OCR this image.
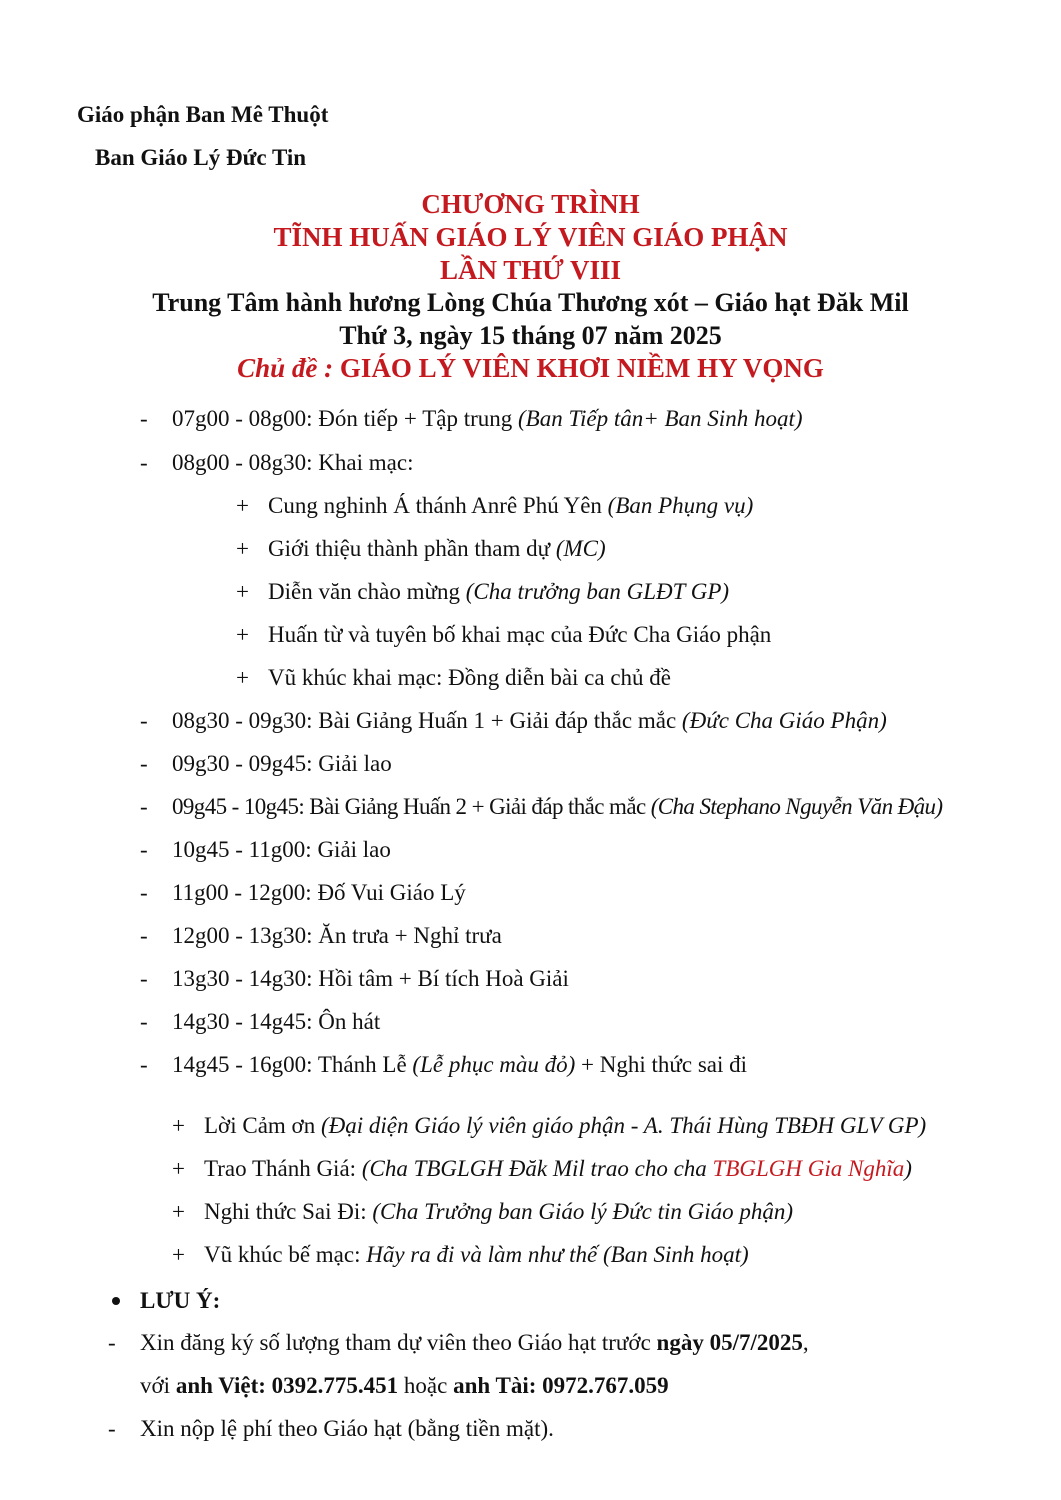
Giáo phận Ban Mê Thuột
Ban Giáo Lý Đức Tin
CHƯƠNG TRÌNH
TĨNH HUẤN GIÁO LÝ VIÊN GIÁO PHẬN
LẦN THỨ VIII
Trung Tâm hành hương Lòng Chúa Thương xót – Giáo hạt Đăk Mil
Thứ 3, ngày 15 tháng 07 năm 2025
Chủ đề : GIÁO LÝ VIÊN KHƠI NIỀM HY VỌNG
- 07g00 - 08g00: Đón tiếp + Tập trung (Ban Tiếp tân+ Ban Sinh hoạt)
- 08g00 - 08g30: Khai mạc:
+ Cung nghinh Á thánh Anrê Phú Yên (Ban Phụng vụ)
+ Giới thiệu thành phần tham dự (MC)
+ Diễn văn chào mừng (Cha trưởng ban GLĐT GP)
+ Huấn từ và tuyên bố khai mạc của Đức Cha Giáo phận
+ Vũ khúc khai mạc: Đồng diễn bài ca chủ đề
- 08g30 - 09g30: Bài Giảng Huấn 1 + Giải đáp thắc mắc (Đức Cha Giáo Phận)
- 09g30 - 09g45: Giải lao
- 09g45 - 10g45: Bài Giảng Huấn 2 + Giải đáp thắc mắc (Cha Stephano Nguyễn Văn Đậu)
- 10g45 - 11g00: Giải lao
- 11g00 - 12g00: Đố Vui Giáo Lý
- 12g00 - 13g30: Ăn trưa + Nghỉ trưa
- 13g30 - 14g30: Hồi tâm + Bí tích Hoà Giải
- 14g30 - 14g45: Ôn hát
- 14g45 - 16g00: Thánh Lễ (Lễ phục màu đỏ) + Nghi thức sai đi
+ Lời Cảm ơn (Đại diện Giáo lý viên giáo phận - A. Thái Hùng TBĐH GLV GP)
+ Trao Thánh Giá: (Cha TBGLGH Đăk Mil trao cho cha TBGLGH Gia Nghĩa)
+ Nghi thức Sai Đi: (Cha Trưởng ban Giáo lý Đức tin Giáo phận)
+ Vũ khúc bế mạc: Hãy ra đi và làm như thế (Ban Sinh hoạt)
LƯU Ý:
- Xin đăng ký số lượng tham dự viên theo Giáo hạt trước ngày 05/7/2025,
với anh Việt: 0392.775.451 hoặc anh Tài: 0972.767.059
- Xin nộp lệ phí theo Giáo hạt (bằng tiền mặt).
